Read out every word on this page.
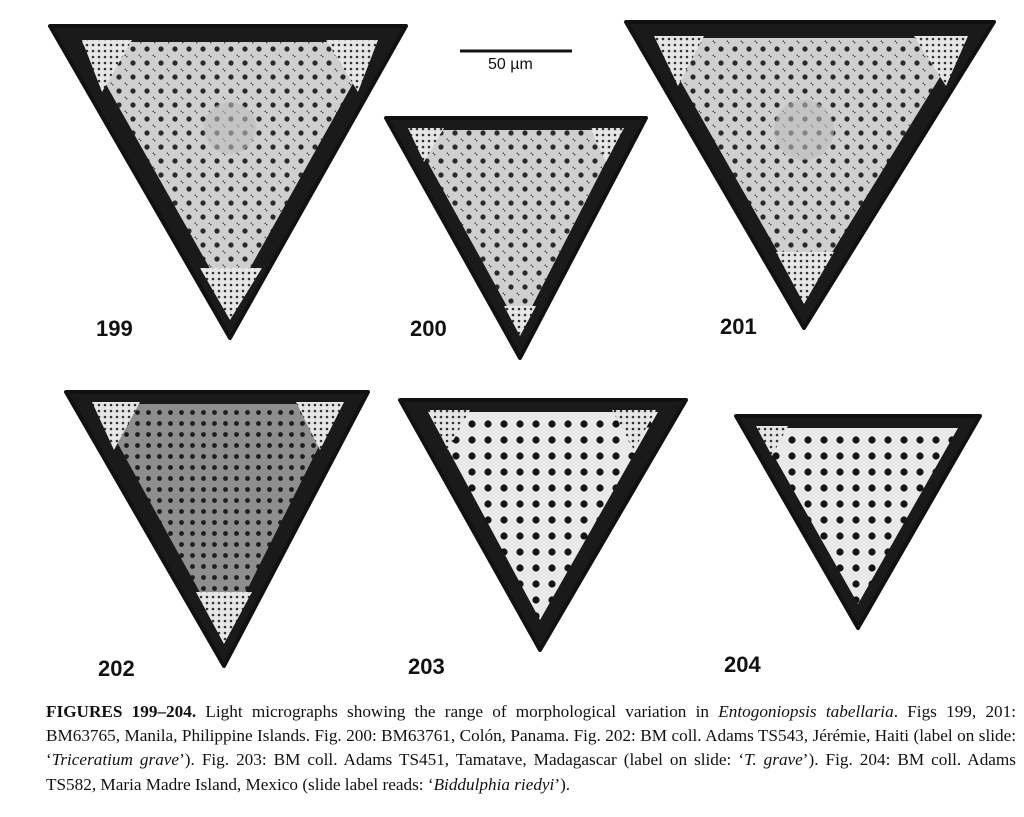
50 µm
199	200	201
202	203	204
FIGURES 199–204. Light micrographs showing the range of morphological variation in Entogoniopsis tabellaria. Figs 199, 201: BM63765, Manila, Philippine Islands. Fig. 200: BM63761, Colón, Panama. Fig. 202: BM coll. Adams TS543, Jérémie, Haiti (label on slide: ‘Triceratium grave’). Fig. 203: BM coll. Adams TS451, Tamatave, Madagascar (label on slide: ‘T. grave’). Fig. 204: BM coll. Adams TS582, Maria Madre Island, Mexico (slide label reads: ‘Biddulphia riedyi’).
